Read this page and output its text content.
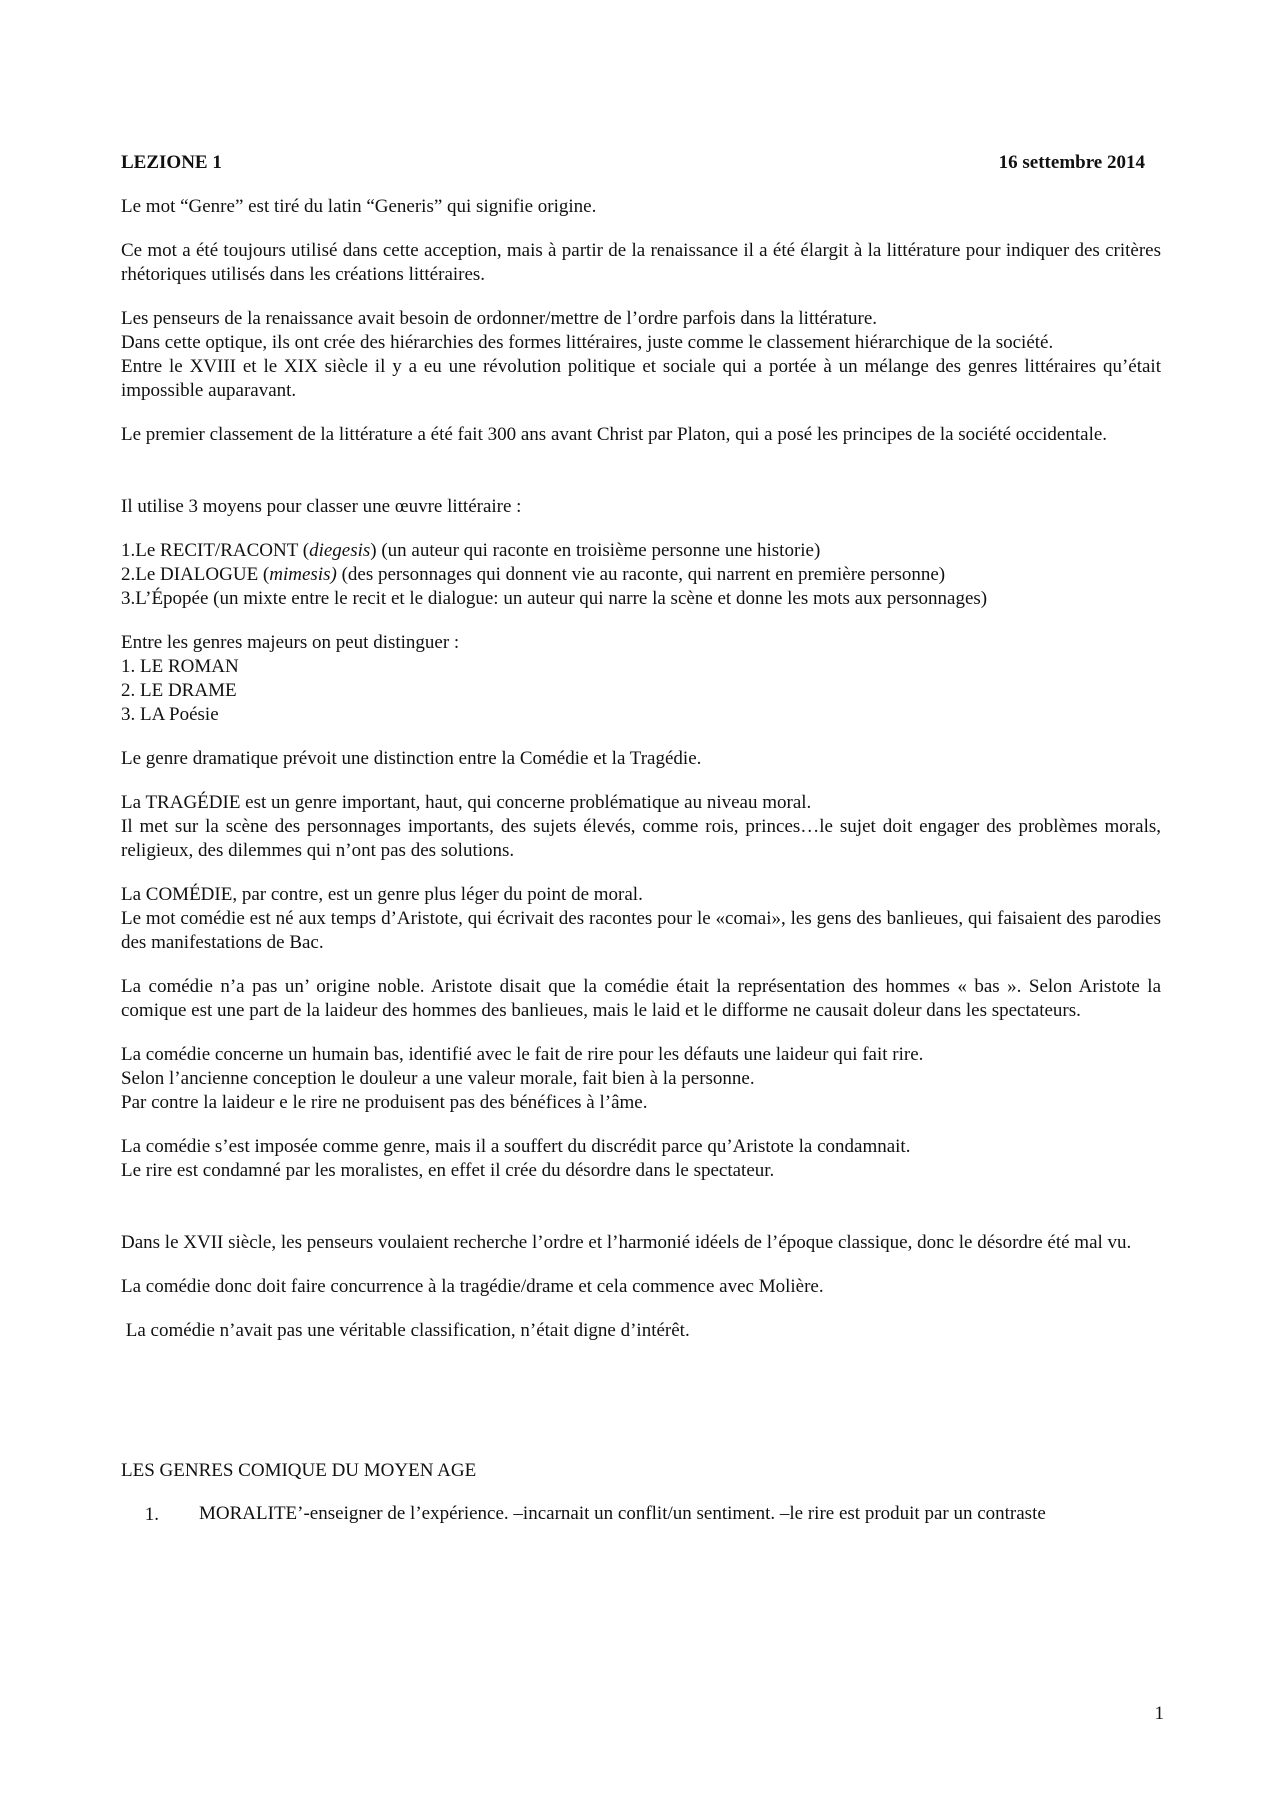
LEZIONE 1	16 settembre 2014

Le mot “Genre” est tiré du latin “Generis” qui signifie origine.

Ce mot a été toujours utilisé dans cette acception, mais à partir de la renaissance il a été élargit à la littérature pour indiquer des critères rhétoriques utilisés dans les créations littéraires.

Les penseurs de la renaissance avait besoin de ordonner/mettre de l’ordre parfois dans la littérature.

Dans cette optique, ils ont crée des hiérarchies des formes littéraires, juste comme le classement hiérarchique de la société.

Entre le XVIII et le XIX siècle il y a eu une révolution politique et sociale qui a portée à un mélange des genres littéraires qu’était impossible auparavant.

Le premier classement de la littérature a été fait 300 ans avant Christ par Platon, qui a posé les principes de la société occidentale.

Il utilise 3 moyens pour classer une œuvre littéraire :

1.Le RECIT/RACONT (diegesis) (un auteur qui raconte en troisième personne une historie)
2.Le DIALOGUE (mimesis) (des personnages qui donnent vie au raconte, qui narrent en première personne)
3.L’Épopée (un mixte entre le recit et le dialogue: un auteur qui narre la scène et donne les mots aux personnages)

Entre les genres majeurs on peut distinguer :

1. LE ROMAN
2. LE DRAME
3. LA Poésie

Le genre dramatique prévoit une distinction entre la Comédie et la Tragédie.

La TRAGÉDIE est un genre important, haut, qui concerne problématique au niveau moral.

Il met sur la scène des personnages importants, des sujets élevés, comme rois, princes…le sujet doit engager des problèmes morals, religieux, des dilemmes qui n’ont pas des solutions.

La COMÉDIE, par contre, est un genre plus léger du point de moral.

Le mot comédie est né aux temps d’Aristote, qui écrivait des racontes pour le «comai», les gens des banlieues, qui faisaient des parodies des manifestations de Bac.

La comédie n’a pas un’ origine noble. Aristote disait que la comédie était la représentation des hommes « bas ». Selon Aristote la comique est une part de la laideur des hommes des banlieues, mais le laid et le difforme ne causait doleur dans les spectateurs.

La comédie concerne un humain bas, identifié avec le fait de rire pour les défauts une laideur qui fait rire.

Selon l’ancienne conception le douleur a une valeur morale, fait bien à la personne.

Par contre la laideur e le rire ne produisent pas des bénéfices à l’âme.

La comédie s’est imposée comme genre, mais il a souffert du discrédit parce qu’Aristote la condamnait.

Le rire est condamné par les moralistes, en effet il crée du désordre dans le spectateur.

Dans le XVII siècle, les penseurs voulaient recherche l’ordre et l’harmonié idéels de l’époque classique, donc le désordre été mal vu.

La comédie donc doit faire concurrence à la tragédie/drame et cela commence avec Molière.

La comédie n’avait pas une véritable classification, n’était digne d’intérêt.

LES GENRES COMIQUE DU MOYEN AGE

1.	MORALITE’-enseigner de l’expérience. –incarnait un conflit/un sentiment. –le rire est produit par un contraste
1
